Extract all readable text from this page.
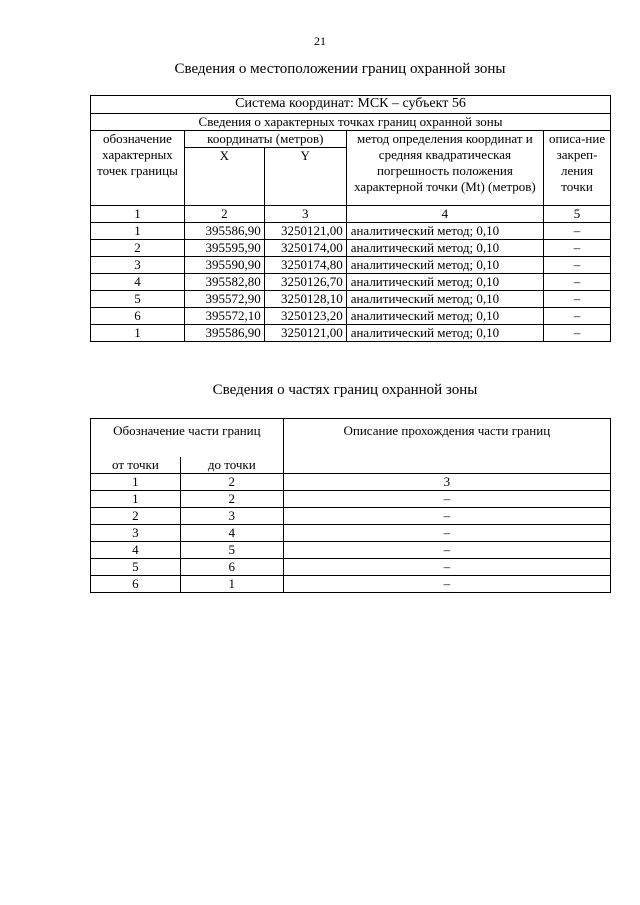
21
Сведения о местоположении границ охранной зоны
Система координат: МСК – субъект 56				
Сведения о характерных точках границ охранной зоны				
обозначение характерных точек границы	координаты (метров)		метод определения координат и средняя квадратическая погрешность положения характерной точки (Mt) (метров)	описа-ние закреп-ления точки
	X	Y		
1	2	3	4	5
1	395586,90	3250121,00	аналитический метод; 0,10	–
2	395595,90	3250174,00	аналитический метод; 0,10	–
3	395590,90	3250174,80	аналитический метод; 0,10	–
4	395582,80	3250126,70	аналитический метод; 0,10	–
5	395572,90	3250128,10	аналитический метод; 0,10	–
6	395572,10	3250123,20	аналитический метод; 0,10	–
1	395586,90	3250121,00	аналитический метод; 0,10	–
Сведения о частях границ охранной зоны
Обозначение части границ		Описание прохождения части границ
от точки	до точки	
1	2	3
1	2	–
2	3	–
3	4	–
4	5	–
5	6	–
6	1	–
